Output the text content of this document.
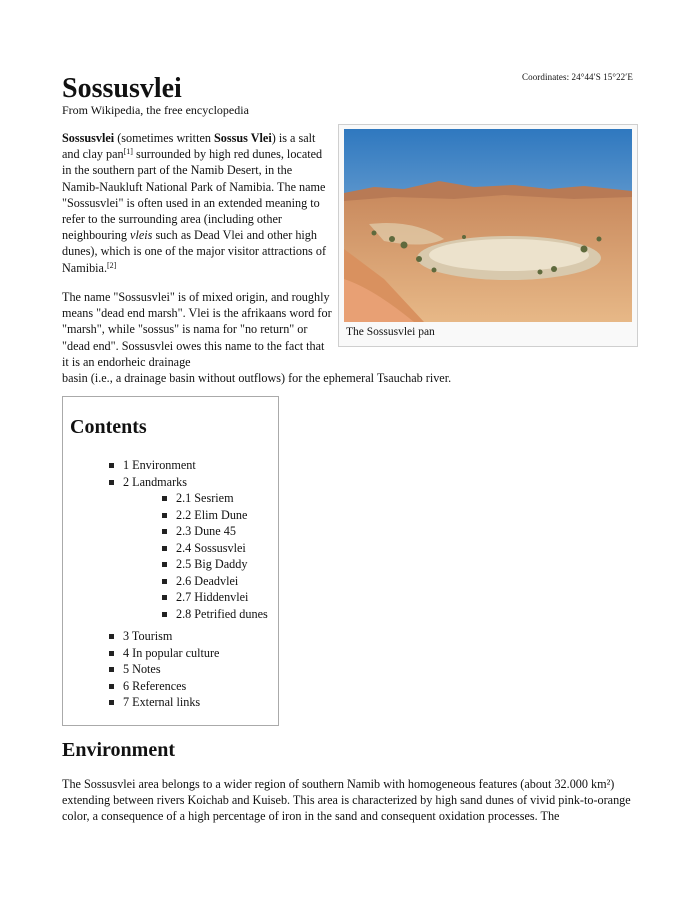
Coordinates: 24°44′S 15°22′E
Sossusvlei
From Wikipedia, the free encyclopedia
Sossusvlei (sometimes written Sossus Vlei) is a salt and clay pan[1] surrounded by high red dunes, located in the southern part of the Namib Desert, in the Namib-Naukluft National Park of Namibia. The name "Sossusvlei" is often used in an extended meaning to refer to the surrounding area (including other neighbouring vleis such as Dead Vlei and other high dunes), which is one of the major visitor attractions of Namibia.[2]
The name "Sossusvlei" is of mixed origin, and roughly means "dead end marsh". Vlei is the afrikaans word for "marsh", while "sossus" is nama for "no return" or "dead end". Sossusvlei owes this name to the fact that it is an endorheic drainage
basin (i.e., a drainage basin without outflows) for the ephemeral Tsauchab river.
The Sossusvlei pan
Contents
1 Environment
2 Landmarks
2.1 Sesriem
2.2 Elim Dune
2.3 Dune 45
2.4 Sossusvlei
2.5 Big Daddy
2.6 Deadvlei
2.7 Hiddenvlei
2.8 Petrified dunes
3 Tourism
4 In popular culture
5 Notes
6 References
7 External links
Environment
The Sossusvlei area belongs to a wider region of southern Namib with homogeneous features (about 32.000 km²) extending between rivers Koichab and Kuiseb. This area is characterized by high sand dunes of vivid pink-to-orange color, a consequence of a high percentage of iron in the sand and consequent oxidation processes. The
